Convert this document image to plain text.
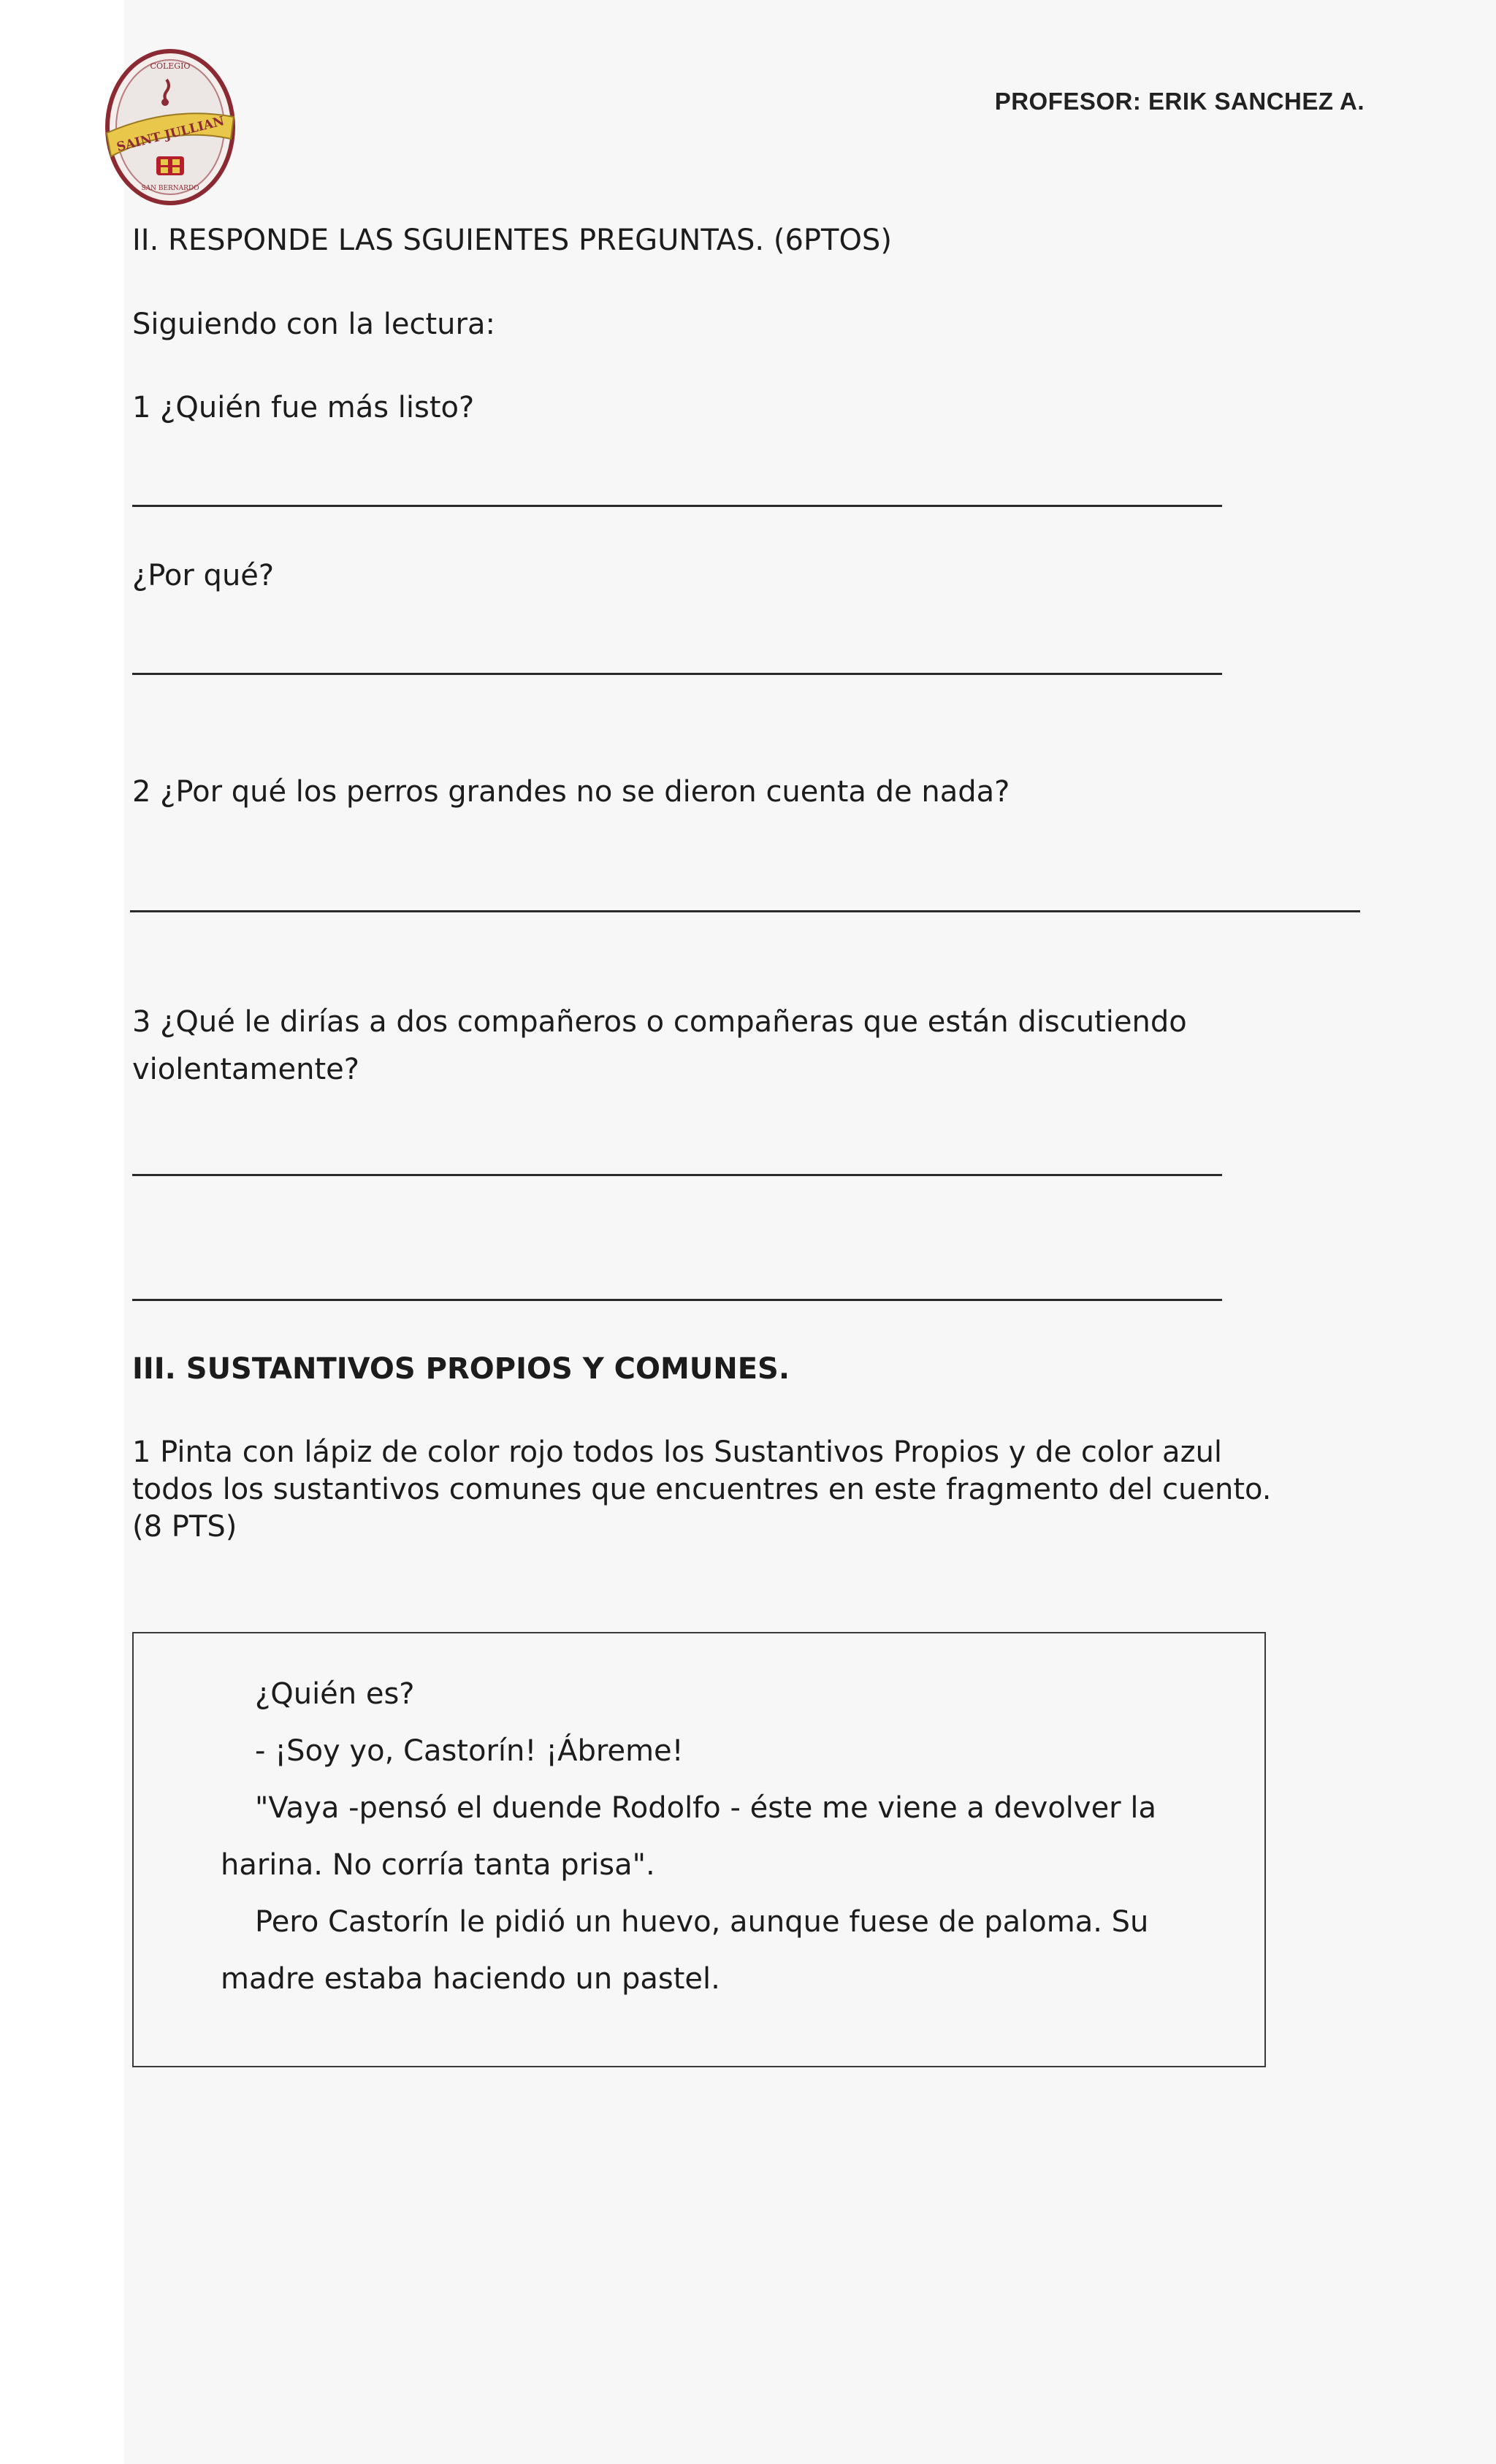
COLEGIO
SAINT JULLIAN
SAN BERNARDO
PROFESOR: ERIK SANCHEZ A.
II. RESPONDE LAS SGUIENTES PREGUNTAS. (6PTOS)
Siguiendo con la lectura:
1 ¿Quién fue más listo?
¿Por qué?
2 ¿Por qué los perros grandes no se dieron cuenta de nada?
3 ¿Qué le dirías a dos compañeros o compañeras que están discutiendo
violentamente?
III. SUSTANTIVOS PROPIOS Y COMUNES.
1 Pinta con lápiz de color rojo todos los Sustantivos Propios y de color azul todos los sustantivos comunes que encuentres en este fragmento del cuento. (8 PTS)
¿Quién es?
- ¡Soy yo, Castorín! ¡Ábreme!
"Vaya -pensó el duende Rodolfo - éste me viene a devolver la
harina. No corría tanta prisa".
Pero Castorín le pidió un huevo, aunque fuese de paloma. Su
madre estaba haciendo un pastel.
